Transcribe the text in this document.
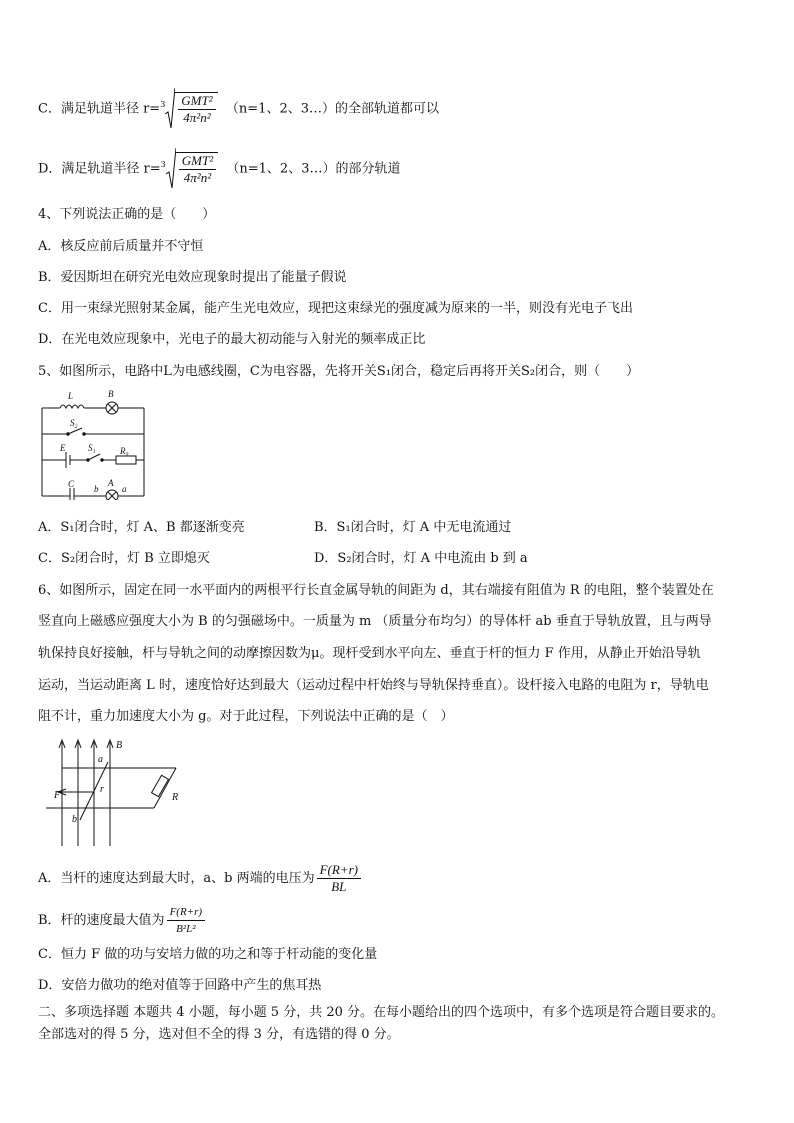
C．满足轨道半径 $r= 3 \frac{\text{GMT²}}{\text{4π²n²}} (n=1$、2、3…）的全部轨道都可以
D．满足轨道半径 $r= 3 \frac{\text{GMT²}}{\text{4π²n²}} (n=1$、2、3…）的部分轨道
4、下列说法正确的是（　　）
A．核反应前后质量并不守恒
B．爱因斯坦在研究光电效应现象时提出了能量子假说
C．用一束绿光照射某金属，能产生光电效应，现把这束绿光的强度减为原来的一半，则没有光电子飞出
D．在光电效应现象中，光电子的最大初动能与入射光的频率成正比
5、如图所示，电路中L为电感线圈，C为电容器，先将开关S₁闭合，稳定后再将开关S₂闭合，则（　　）
L	B
S₂
E	S₁	R₀
C b
A
a
A．S₁闭合时，灯 A、B 都逐渐变亮	B．S₁闭合时，灯 A 中无电流通过
C．S₂闭合时，灯 B 立即熄灭	D．S₂闭合时，灯 A 中电流由 b 到 a
6、如图所示，固定在同一水平面内的两根平行长直金属导轨的间距为 d，其右端接有阻值为 R 的电阻，整个装置处在
竖直向上磁感应强度大小为 B 的匀强磁场中。一质量为 m （质量分布均匀）的导体杆 ab 垂直于导轨放置，且与两导
轨保持良好接触，杆与导轨之间的动摩擦因数为μ。现杆受到水平向左、垂直于杆的恒力 F 作用，从静止开始沿导轨
运动，当运动距离 L 时，速度恰好达到最大（运动过程中杆始终与导轨保持垂直）。设杆接入电路的电阻为 r，导轨电
阻不计，重力加速度大小为 g。对于此过程，下列说法中正确的是（　）
B
a
F
r
b
R
A．当杆的速度达到最大时，a、b 两端的电压为 $\frac{F(R+r)}{BL}$
B．杆的速度最大值为 $\frac{F(R+r)}{\text{B²L²}}$
C．恒力 F 做的功与安培力做的功之和等于杆动能的变化量
D．安倍力做功的绝对值等于回路中产生的焦耳热
二、多项选择题 本题共 4 小题，每小题 5 分，共 20 分。在每小题给出的四个选项中，有多个选项是符合题目要求的。
全部选对的得 5 分，选对但不全的得 3 分，有选错的得 0 分。
